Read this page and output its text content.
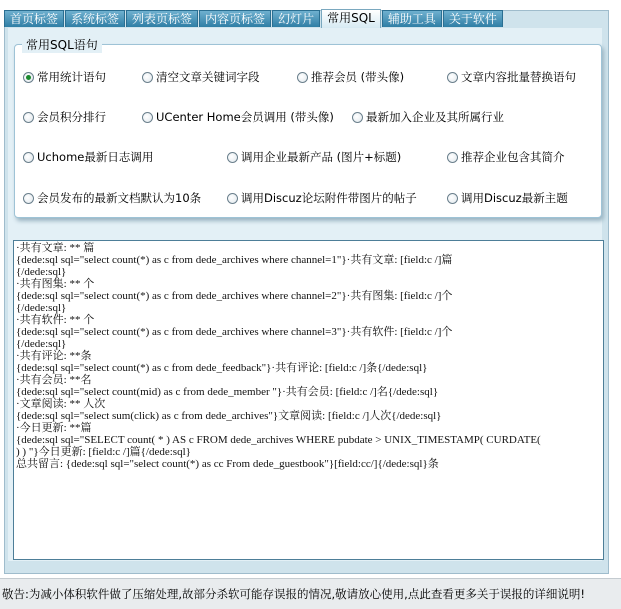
首页标签	系统标签	列表页标签	内容页标签	幻灯片	常用SQL	辅助工具	关于软件
常用SQL语句
常用统计语句	清空文章关键词字段	推荐会员 (带头像)	文章内容批量替换语句
会员积分排行	UCenter Home会员调用 (带头像)	最新加入企业及其所属行业
Uchome最新日志调用	调用企业最新产品 (图片+标题)	推荐企业包含其简介
会员发布的最新文档默认为10条	调用Discuz论坛附件带图片的帖子	调用Discuz最新主题
·共有文章: ** 篇
{dede:sql sql="select count(*) as c from dede_archives where channel=1"}·共有文章: [field:c /]篇
{/dede:sql}
·共有图集: ** 个
{dede:sql sql="select count(*) as c from dede_archives where channel=2"}·共有图集: [field:c /]个
{/dede:sql}
·共有软件: ** 个
{dede:sql sql="select count(*) as c from dede_archives where channel=3"}·共有软件: [field:c /]个
{/dede:sql}
·共有评论: **条
{dede:sql sql="select count(*) as c from dede_feedback"}·共有评论: [field:c /]条{/dede:sql}
·共有会员: **名
{dede:sql sql="select count(mid) as c from dede_member "}·共有会员: [field:c /]名{/dede:sql}
·文章阅读: ** 人次
{dede:sql sql="select sum(click) as c from dede_archives"}文章阅读: [field:c /]人次{/dede:sql}
·今日更新: **篇
{dede:sql sql="SELECT count( * ) AS c FROM dede_archives WHERE pubdate > UNIX_TIMESTAMP( CURDATE(
) ) "}今日更新: [field:c /]篇{/dede:sql}
总共留言: {dede:sql sql="select count(*) as cc From dede_guestbook"}[field:cc/]{/dede:sql}条
敬告:为减小体积软件做了压缩处理,故部分杀软可能存误报的情况,敬请放心使用,点此查看更多关于误报的详细说明!
